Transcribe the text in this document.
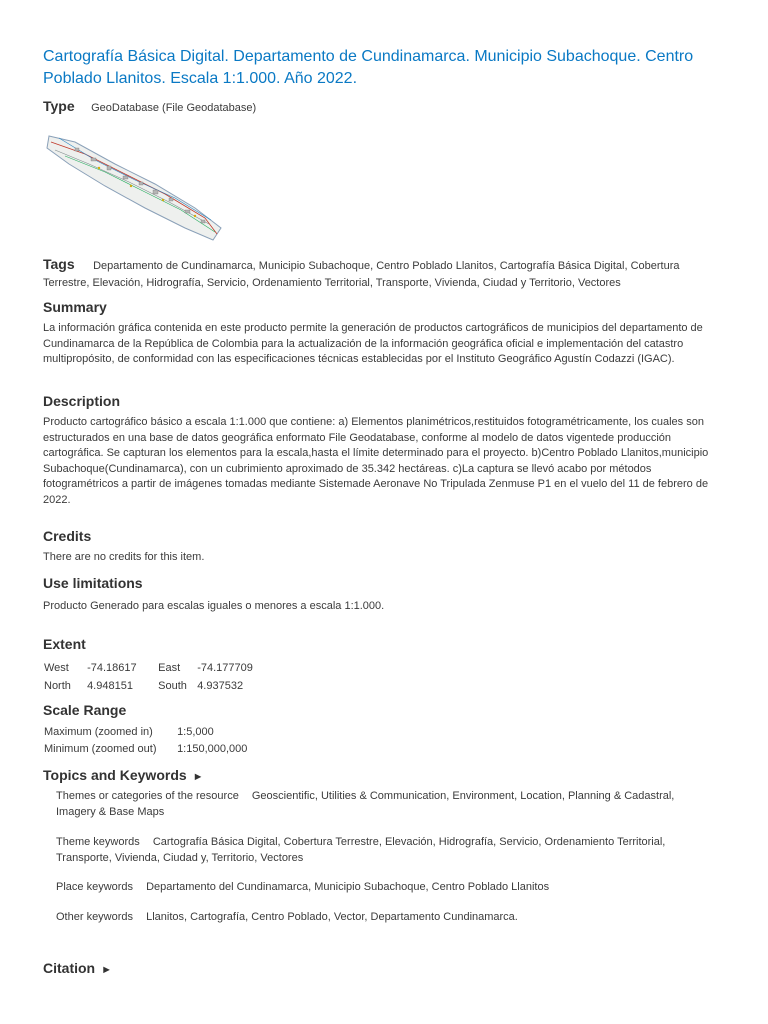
Cartografía Básica Digital. Departamento de Cundinamarca. Municipio Subachoque. Centro Poblado Llanitos. Escala 1:1.000. Año 2022.
Type GeoDatabase (File Geodatabase)
Tags Departamento de Cundinamarca, Municipio Subachoque, Centro Poblado Llanitos, Cartografía Básica Digital, Cobertura Terrestre, Elevación, Hidrografía, Servicio, Ordenamiento Territorial, Transporte, Vivienda, Ciudad y Territorio, Vectores
Summary

La información gráfica contenida en este producto permite la generación de productos cartográficos de municipios del departamento de Cundinamarca de la República de Colombia para la actualización de la información geográfica oficial e implementación del catastro multipropósito, de conformidad con las especificaciones técnicas establecidas por el Instituto Geográfico Agustín Codazzi (IGAC).

Description

Producto cartográfico básico a escala 1:1.000 que contiene: a) Elementos planimétricos,restituidos fotogramétricamente, los cuales son estructurados en una base de datos geográfica enformato File Geodatabase, conforme al modelo de datos vigentede producción cartográfica. Se capturan los elementos para la escala,hasta el límite determinado para el proyecto. b)Centro Poblado Llanitos,municipio Subachoque(Cundinamarca), con un cubrimiento aproximado de 35.342 hectáreas. c)La captura se llevó acabo por métodos fotogramétricos a partir de imágenes tomadas mediante Sistemade Aeronave No Tripulada Zenmuse P1 en el vuelo del 11 de febrero de 2022.

Credits

There are no credits for this item.

Use limitations

Producto Generado para escalas iguales o menores a escala 1:1.000.

Extent
West -74.18617 East -74.177709
North 4.948151 South 4.937532
Scale Range
Maximum (zoomed in) 1:5,000
Minimum (zoomed out) 1:150,000,000
Topics and Keywords ►
Themes or categories of the resource Geoscientific, Utilities & Communication, Environment, Location, Planning & Cadastral, Imagery & Base Maps
Theme keywords Cartografía Básica Digital, Cobertura Terrestre, Elevación, Hidrografía, Servicio, Ordenamiento Territorial, Transporte, Vivienda, Ciudad y, Territorio, Vectores
Place keywords Departamento del Cundinamarca, Municipio Subachoque, Centro Poblado Llanitos
Other keywords Llanitos, Cartografía, Centro Poblado, Vector, Departamento Cundinamarca.
Citation ►
